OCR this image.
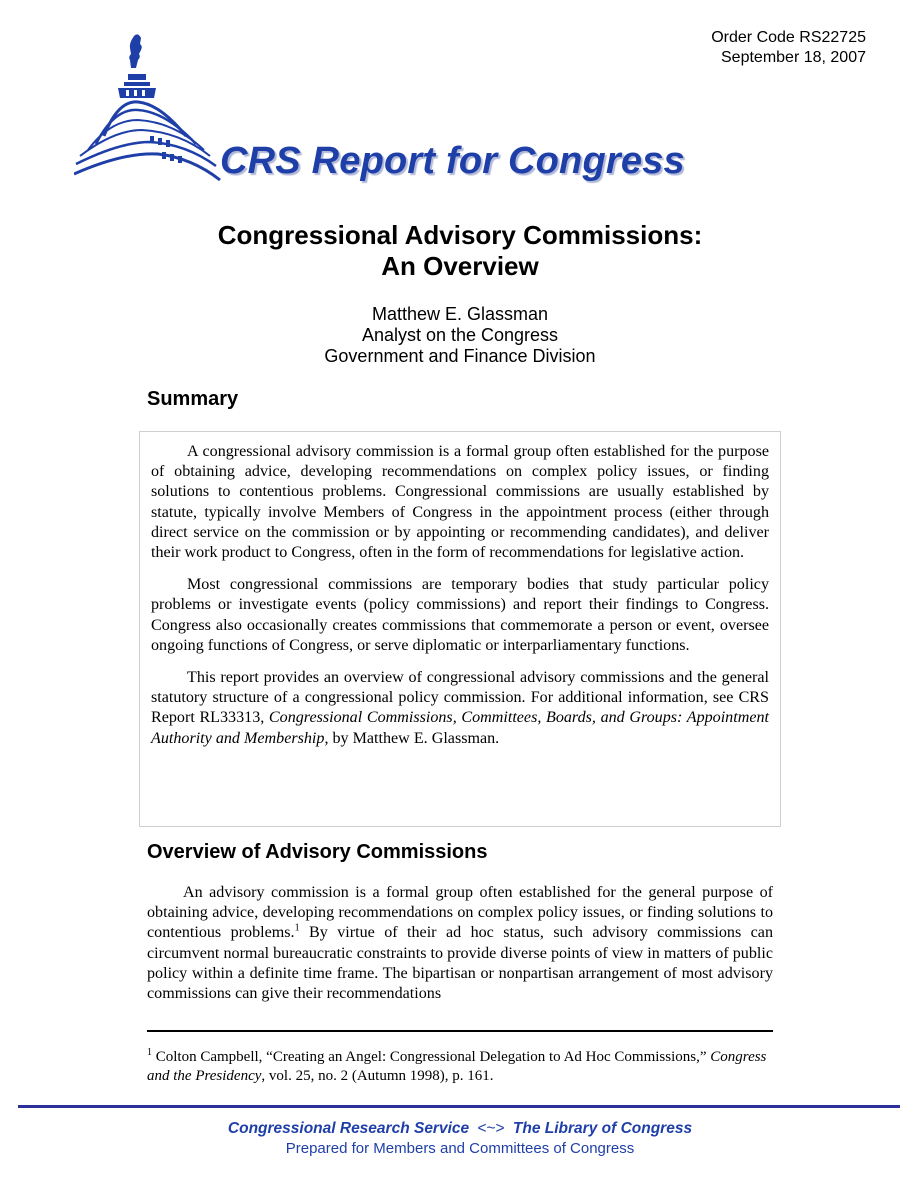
Order Code RS22725
September 18, 2007
CRS Report for Congress
Congressional Advisory Commissions:
An Overview
Matthew E. Glassman
Analyst on the Congress
Government and Finance Division
Summary

A congressional advisory commission is a formal group often established for the purpose of obtaining advice, developing recommendations on complex policy issues, or finding solutions to contentious problems. Congressional commissions are usually established by statute, typically involve Members of Congress in the appointment process (either through direct service on the commission or by appointing or recommending candidates), and deliver their work product to Congress, often in the form of recommendations for legislative action.

Most congressional commissions are temporary bodies that study particular policy problems or investigate events (policy commissions) and report their findings to Congress. Congress also occasionally creates commissions that commemorate a person or event, oversee ongoing functions of Congress, or serve diplomatic or interparliamentary functions.

This report provides an overview of congressional advisory commissions and the general statutory structure of a congressional policy commission. For additional information, see CRS Report RL33313, Congressional Commissions, Committees, Boards, and Groups: Appointment Authority and Membership, by Matthew E. Glassman.

Overview of Advisory Commissions

An advisory commission is a formal group often established for the general purpose of obtaining advice, developing recommendations on complex policy issues, or finding solutions to contentious problems.$^1$ By virtue of their ad hoc status, such advisory commissions can circumvent normal bureaucratic constraints to provide diverse points of view in matters of public policy within a definite time frame. The bipartisan or nonpartisan arrangement of most advisory commissions can give their recommendations

$^1$ Colton Campbell, “Creating an Angel: Congressional Delegation to Ad Hoc Commissions,” Congress and the Presidency, vol. 25, no. 2 (Autumn 1998), p. 161.
Congressional Research Service <~> The Library of Congress
Prepared for Members and Committees of Congress
